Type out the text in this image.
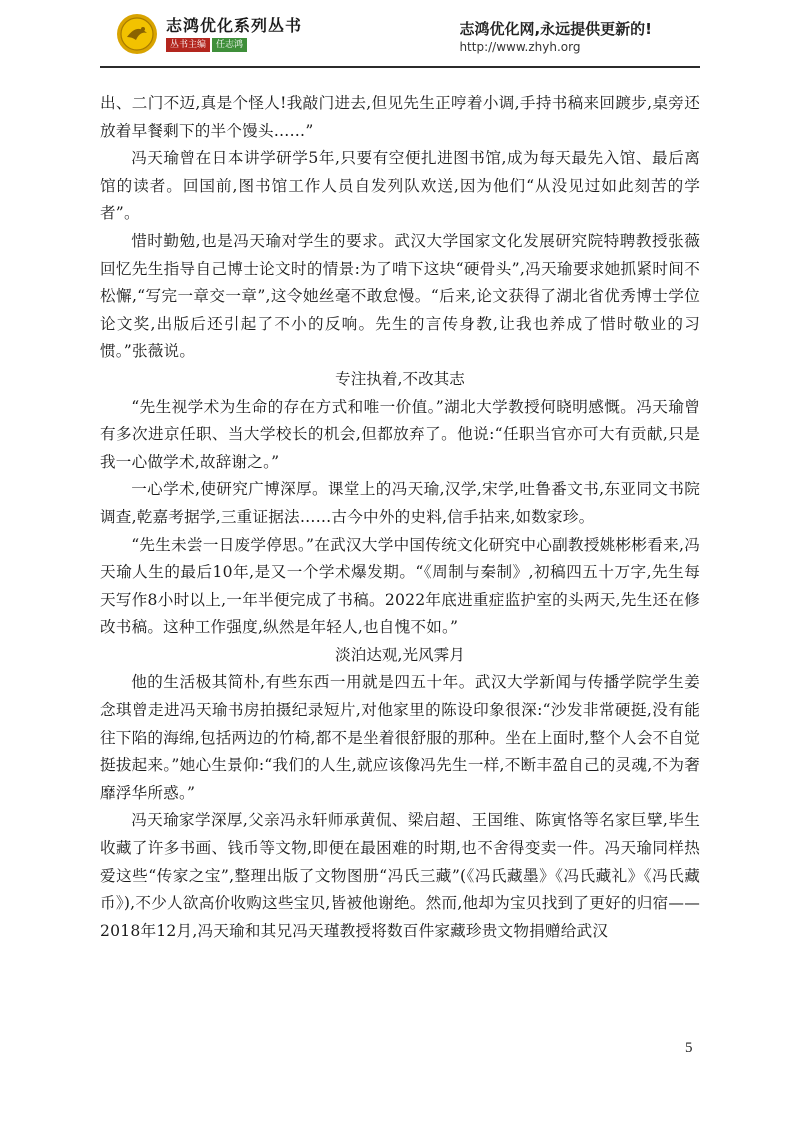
志鸿优化系列丛书
丛书主编	任志鸿
志鸿优化网,永远提供更新的!
http://www.zhyh.org

出、二门不迈,真是个怪人!我敲门进去,但见先生正哼着小调,手持书稿来回踱步,桌旁还放着早餐剩下的半个馒头……”

冯天瑜曾在日本讲学研学5年,只要有空便扎进图书馆,成为每天最先入馆、最后离馆的读者。回国前,图书馆工作人员自发列队欢送,因为他们“从没见过如此刻苦的学者”。

惜时勤勉,也是冯天瑜对学生的要求。武汉大学国家文化发展研究院特聘教授张薇回忆先生指导自己博士论文时的情景:为了啃下这块“硬骨头”,冯天瑜要求她抓紧时间不松懈,“写完一章交一章”,这令她丝毫不敢怠慢。“后来,论文获得了湖北省优秀博士学位论文奖,出版后还引起了不小的反响。先生的言传身教,让我也养成了惜时敬业的习惯。”张薇说。

专注执着,不改其志

“先生视学术为生命的存在方式和唯一价值。”湖北大学教授何晓明感慨。冯天瑜曾有多次进京任职、当大学校长的机会,但都放弃了。他说:“任职当官亦可大有贡献,只是我一心做学术,故辞谢之。”

一心学术,使研究广博深厚。课堂上的冯天瑜,汉学,宋学,吐鲁番文书,东亚同文书院调查,乾嘉考据学,三重证据法……古今中外的史料,信手拈来,如数家珍。

“先生未尝一日废学停思。”在武汉大学中国传统文化研究中心副教授姚彬彬看来,冯天瑜人生的最后10年,是又一个学术爆发期。“《周制与秦制》,初稿四五十万字,先生每天写作8小时以上,一年半便完成了书稿。2022年底进重症监护室的头两天,先生还在修改书稿。这种工作强度,纵然是年轻人,也自愧不如。”

淡泊达观,光风霁月

他的生活极其简朴,有些东西一用就是四五十年。武汉大学新闻与传播学院学生姜念琪曾走进冯天瑜书房拍摄纪录短片,对他家里的陈设印象很深:“沙发非常硬挺,没有能往下陷的海绵,包括两边的竹椅,都不是坐着很舒服的那种。坐在上面时,整个人会不自觉挺拔起来。”她心生景仰:“我们的人生,就应该像冯先生一样,不断丰盈自己的灵魂,不为奢靡浮华所惑。”

冯天瑜家学深厚,父亲冯永轩师承黄侃、梁启超、王国维、陈寅恪等名家巨擘,毕生收藏了许多书画、钱币等文物,即便在最困难的时期,也不舍得变卖一件。冯天瑜同样热爱这些“传家之宝”,整理出版了文物图册“冯氏三藏”(《冯氏藏墨》《冯氏藏礼》《冯氏藏币》),不少人欲高价收购这些宝贝,皆被他谢绝。然而,他却为宝贝找到了更好的归宿——2018年12月,冯天瑜和其兄冯天瑾教授将数百件家藏珍贵文物捐赠给武汉

5
